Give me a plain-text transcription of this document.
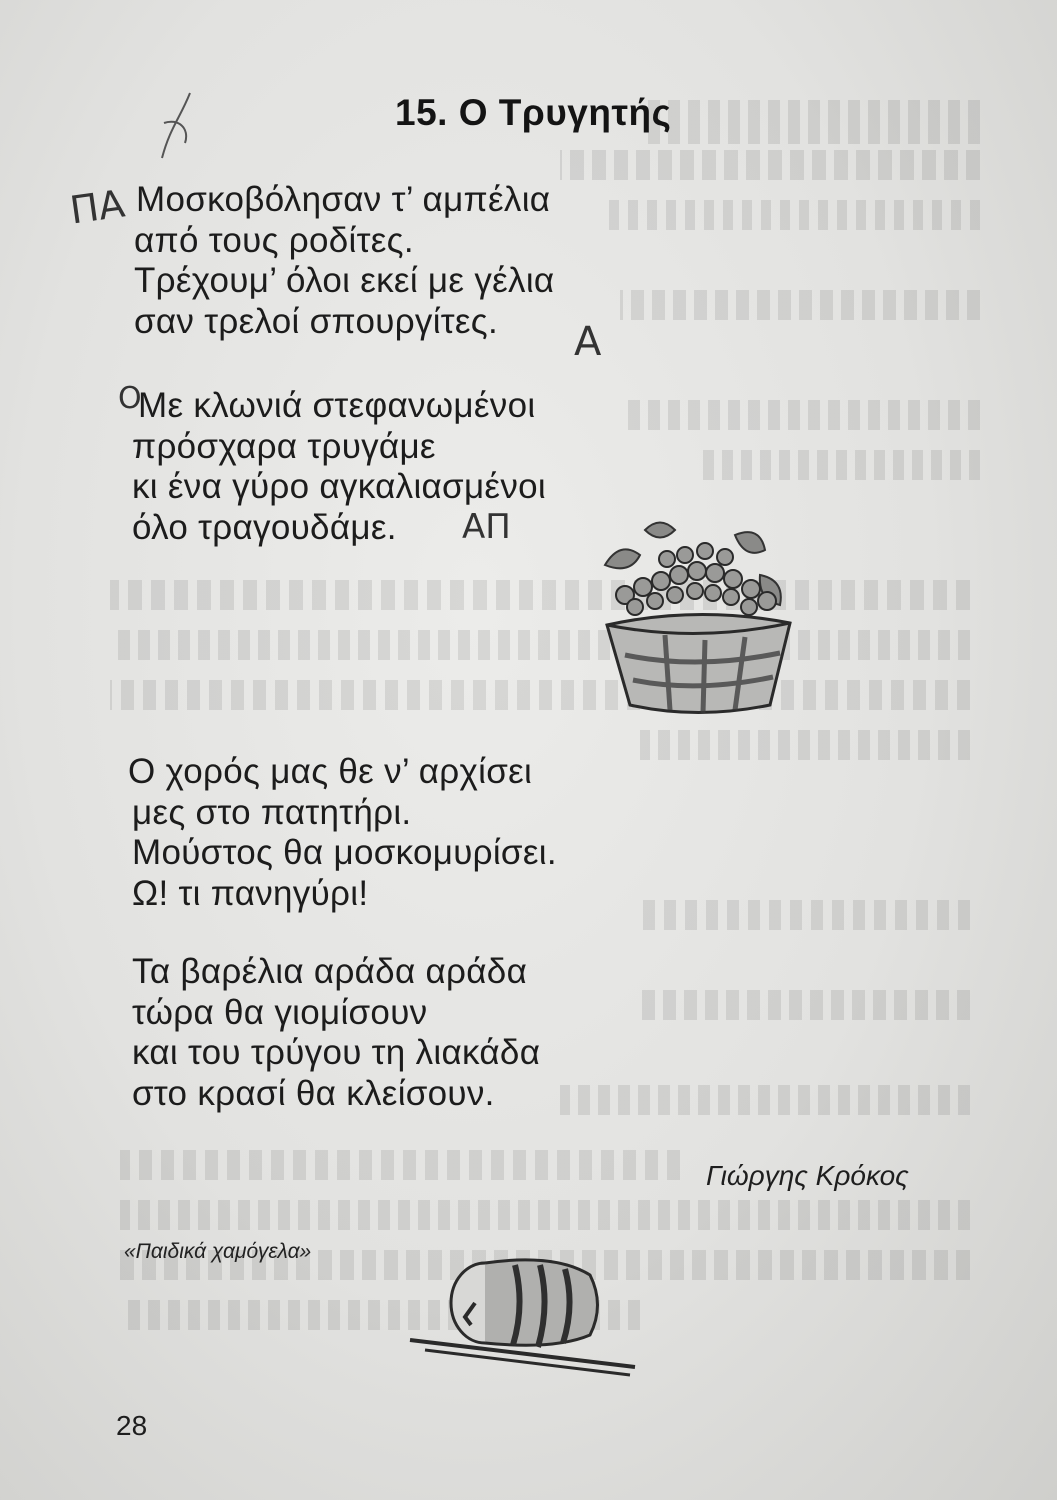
15. Ο Τρυγητής
Μοσκοβόλησαν τ’ αμπέλια
από τους ροδίτες.
Τρέχουμ’ όλοι εκεί με γέλια
σαν τρελοί σπουργίτες.
Με κλωνιά στεφανωμένοι
πρόσχαρα τρυγάμε
κι ένα γύρο αγκαλιασμένοι
όλο τραγουδάμε.
Ο χορός μας θε ν’ αρχίσει
μες στο πατητήρι.
Μούστος θα μοσκομυρίσει.
Ω! τι πανηγύρι!
Τα βαρέλια αράδα αράδα
τώρα θα γιομίσουν
και του τρύγου τη λιακάδα
στο κρασί θα κλείσουν.
Γιώργης Κρόκος
«Παιδικά χαμόγελα»
28
ΠΑ
Α
Ο
ΑΠ
